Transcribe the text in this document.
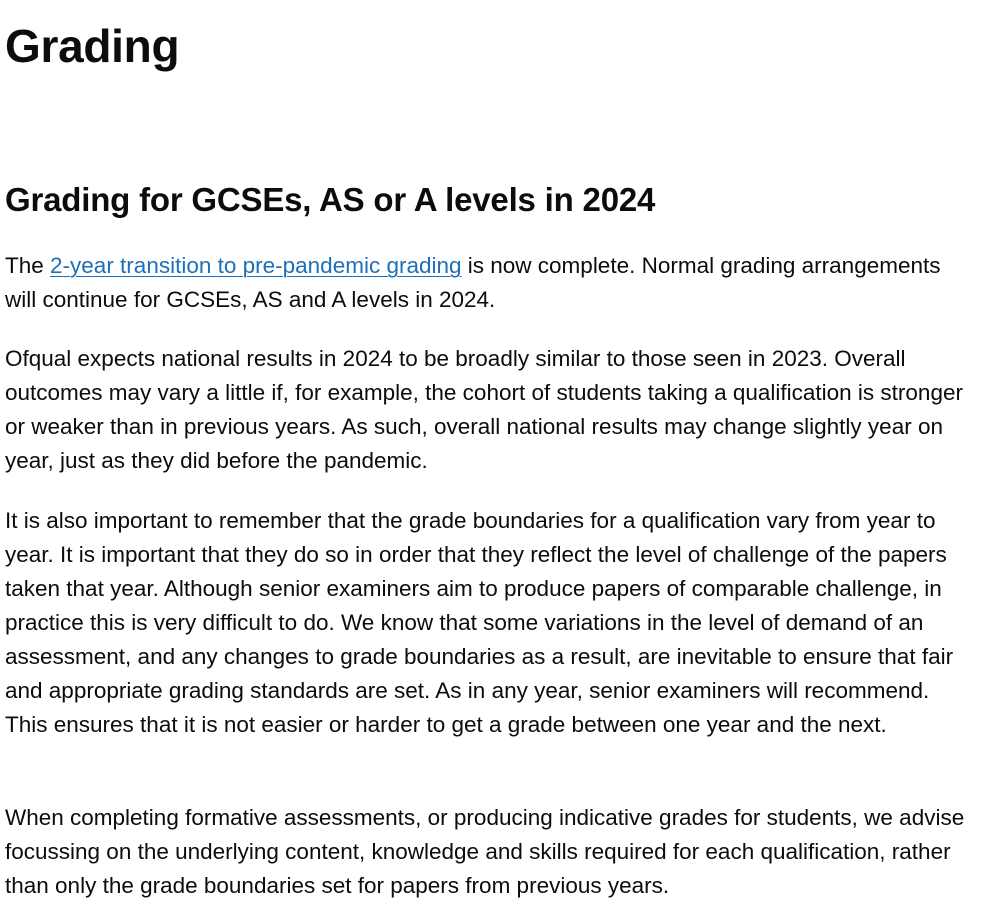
Grading
Grading for GCSEs, AS or A levels in 2024

The 2-year transition to pre-pandemic grading is now complete. Normal grading arrangements will continue for GCSEs, AS and A levels in 2024.

Ofqual expects national results in 2024 to be broadly similar to those seen in 2023. Overall outcomes may vary a little if, for example, the cohort of students taking a qualification is stronger or weaker than in previous years. As such, overall national results may change slightly year on year, just as they did before the pandemic.

It is also important to remember that the grade boundaries for a qualification vary from year to year. It is important that they do so in order that they reflect the level of challenge of the papers taken that year. Although senior examiners aim to produce papers of comparable challenge, in practice this is very difficult to do. We know that some variations in the level of demand of an assessment, and any changes to grade boundaries as a result, are inevitable to ensure that fair and appropriate grading standards are set. As in any year, senior examiners will recommend. This ensures that it is not easier or harder to get a grade between one year and the next.

When completing formative assessments, or producing indicative grades for students, we advise focussing on the underlying content, knowledge and skills required for each qualification, rather than only the grade boundaries set for papers from previous years.
